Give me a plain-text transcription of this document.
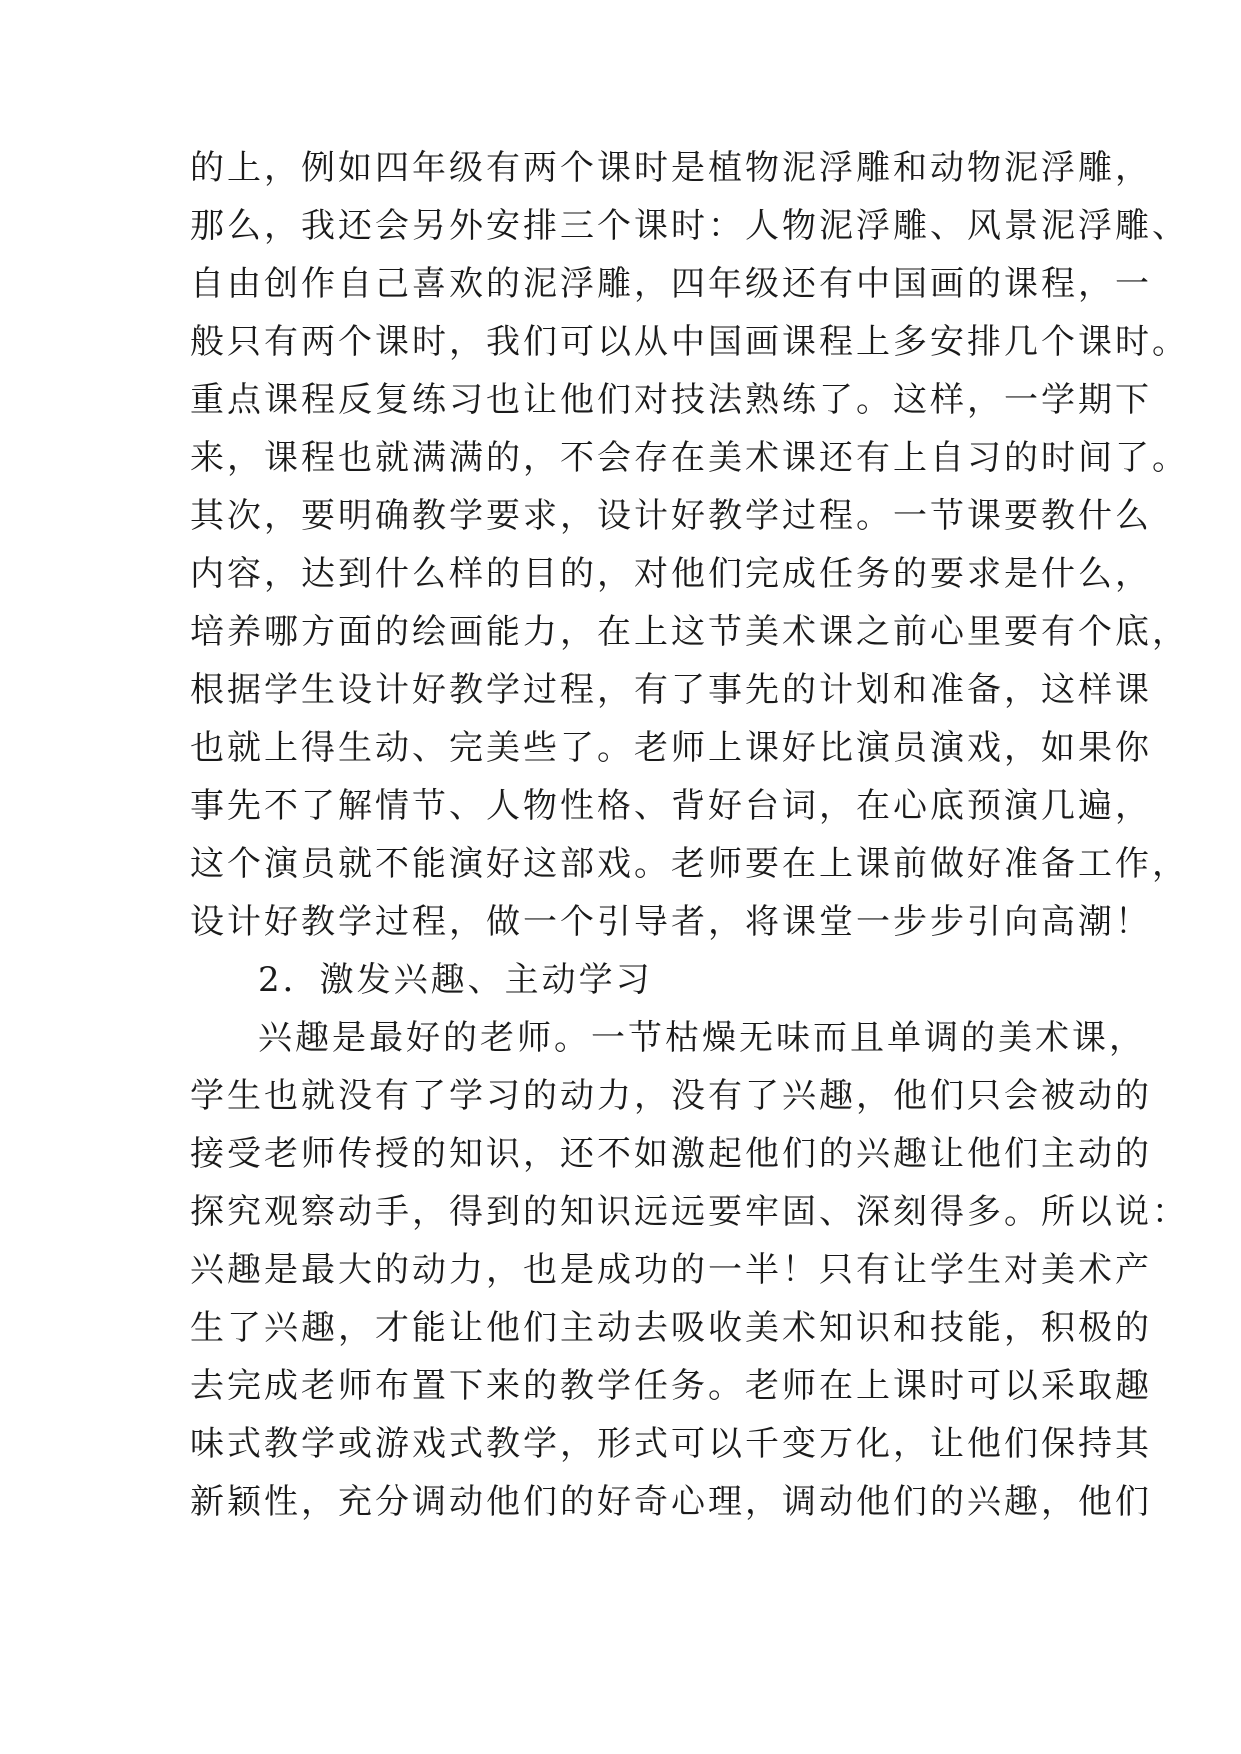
的上，例如四年级有两个课时是植物泥浮雕和动物泥浮雕，
那么，我还会另外安排三个课时：人物泥浮雕、风景泥浮雕、
自由创作自己喜欢的泥浮雕，四年级还有中国画的课程，一
般只有两个课时，我们可以从中国画课程上多安排几个课时。
重点课程反复练习也让他们对技法熟练了。这样，一学期下
来，课程也就满满的，不会存在美术课还有上自习的时间了。
其次，要明确教学要求，设计好教学过程。一节课要教什么
内容，达到什么样的目的，对他们完成任务的要求是什么，
培养哪方面的绘画能力，在上这节美术课之前心里要有个底，
根据学生设计好教学过程，有了事先的计划和准备，这样课
也就上得生动、完美些了。老师上课好比演员演戏，如果你
事先不了解情节、人物性格、背好台词，在心底预演几遍，
这个演员就不能演好这部戏。老师要在上课前做好准备工作，
设计好教学过程，做一个引导者，将课堂一步步引向高潮！
2．激发兴趣、主动学习
兴趣是最好的老师。一节枯燥无味而且单调的美术课，
学生也就没有了学习的动力，没有了兴趣，他们只会被动的
接受老师传授的知识，还不如激起他们的兴趣让他们主动的
探究观察动手，得到的知识远远要牢固、深刻得多。所以说：
兴趣是最大的动力，也是成功的一半！只有让学生对美术产
生了兴趣，才能让他们主动去吸收美术知识和技能，积极的
去完成老师布置下来的教学任务。老师在上课时可以采取趣
味式教学或游戏式教学，形式可以千变万化，让他们保持其
新颖性，充分调动他们的好奇心理，调动他们的兴趣，他们
